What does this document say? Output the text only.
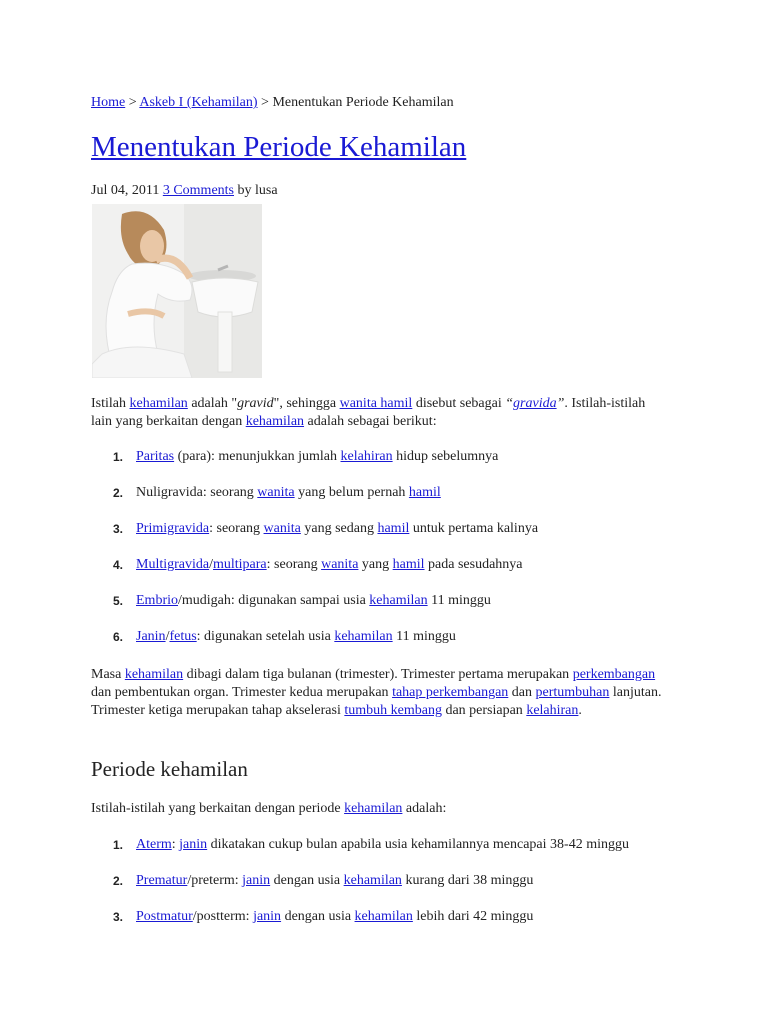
Home > Askeb I (Kehamilan) > Menentukan Periode Kehamilan
Menentukan Periode Kehamilan
Jul 04, 2011 3 Comments by lusa

Istilah kehamilan adalah "gravid", sehingga wanita hamil disebut sebagai “gravida”. Istilah-istilah lain yang berkaitan dengan kehamilan adalah sebagai berikut:

1. Paritas (para): menunjukkan jumlah kelahiran hidup sebelumnya
2. Nuligravida: seorang wanita yang belum pernah hamil
3. Primigravida: seorang wanita yang sedang hamil untuk pertama kalinya
4. Multigravida/multipara: seorang wanita yang hamil pada sesudahnya
5. Embrio/mudigah: digunakan sampai usia kehamilan 11 minggu
6. Janin/fetus: digunakan setelah usia kehamilan 11 minggu

Masa kehamilan dibagi dalam tiga bulanan (trimester). Trimester pertama merupakan perkembangan dan pembentukan organ. Trimester kedua merupakan tahap perkembangan dan pertumbuhan lanjutan. Trimester ketiga merupakan tahap akselerasi tumbuh kembang dan persiapan kelahiran.

Periode kehamilan

Istilah-istilah yang berkaitan dengan periode kehamilan adalah:

1. Aterm: janin dikatakan cukup bulan apabila usia kehamilannya mencapai 38-42 minggu
2. Prematur/preterm: janin dengan usia kehamilan kurang dari 38 minggu
3. Postmatur/postterm: janin dengan usia kehamilan lebih dari 42 minggu
